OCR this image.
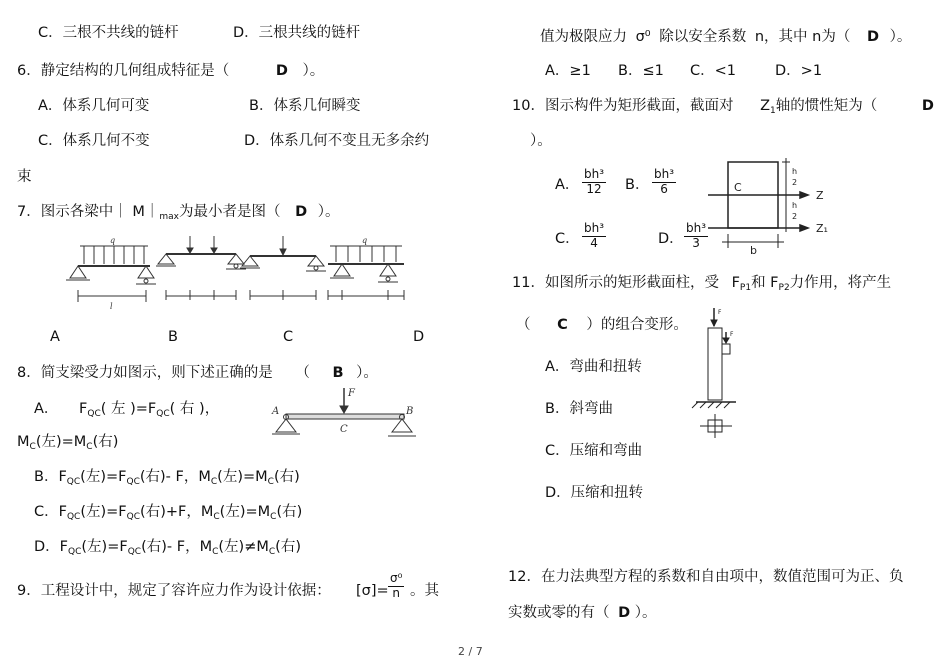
C．三根不共线的链杆	D．三根共线的链杆
6．静定结构的几何组成特征是（	D ）。
A．体系几何可变	B．体系几何瞬变
C．体系几何不变	D．体系几何不变且无多余约
束
7．图示各梁中｜ $M|_{max}$为最小者是图（ D ）。
q
l
q
A	B	C	D
8．简支梁受力如图示，则下述正确的是 （ B ）。
F
A	B
C
A． $F_{QC}$( 左 )$=F_{QC}$( 右 )，
$M_C$(左)$=M_C$(右)
B．$F_{QC}$(左)$=F_{QC}$(右)- F，$M_C$(左)$=M_C$(右)
C．$F_{QC}$(左)$=F_{QC}$(右)+F，$M_C$(左)$=M_C$(右)
D．$F_{QC}$(左)$=F_{QC}$(右)- F，$M_C$(左)$\ne M_C$(右)
9．工程设计中，规定了容许应力作为设计依据： $[\sigma]= \frac{\text{σ⁰}}{n}$ 。其
值为极限应力 σ⁰ 除以安全系数 n，其中 n为（ D ）。
A．≥1 B．≤1 C．<1	D．>1
10．图示构件为矩形截面，截面对 $Z_1$轴的惯性矩为（	D
）。
A． $\frac{\text{bh³}}{12}$ B． $\frac{\text{bh³}}{6}$
C． $\frac{\text{bh³}}{4}$	D． $\frac{\text{bh³}}{3}$
C
Z
Z₁
b
h
2
h
2
11．如图所示的矩形截面柱，受 $F_{P1}$和 $F_{P2}$力作用，将产生
（ C ）的组合变形。
A．弯曲和扭转
B．斜弯曲
C．压缩和弯曲
D．压缩和扭转
F
F
12．在力法典型方程的系数和自由项中，数值范围可为正、负
实数或零的有（ D ）。
2 / 7
